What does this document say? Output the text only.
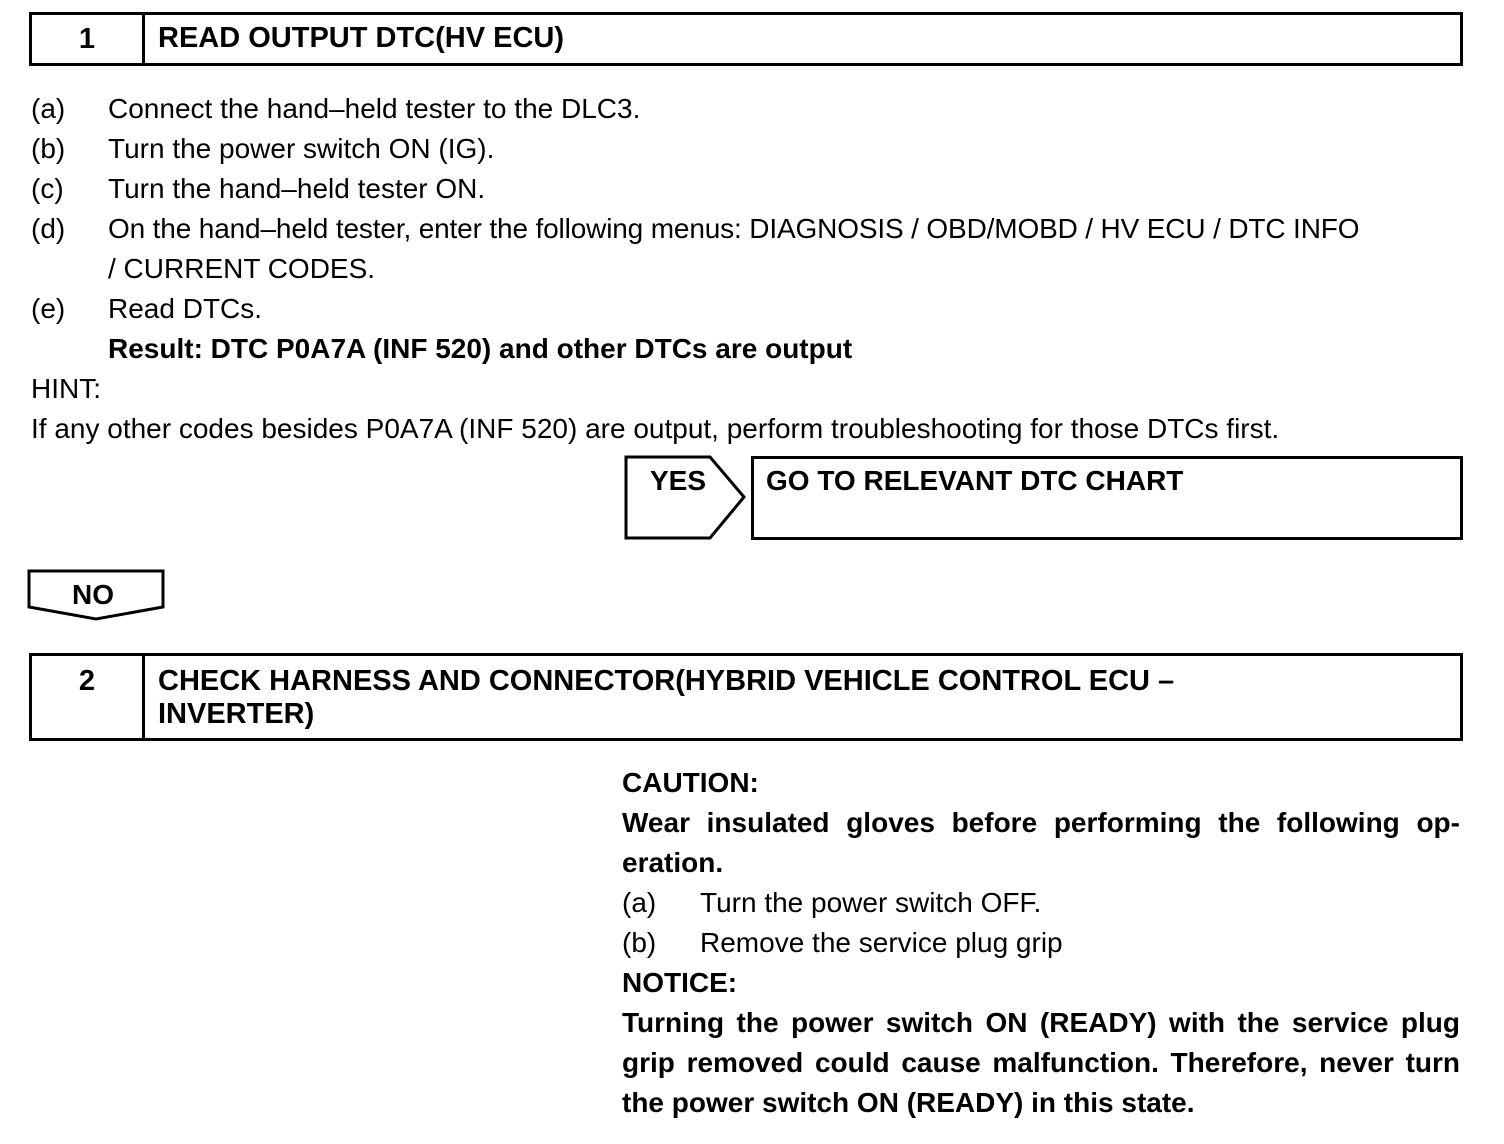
1	READ OUTPUT DTC(HV ECU)
(a) Connect the hand–held tester to the DLC3.
(b) Turn the power switch ON (IG).
(c) Turn the hand–held tester ON.
(d) On the hand–held tester, enter the following menus: DIAGNOSIS / OBD/MOBD / HV ECU / DTC INFO
/ CURRENT CODES.
(e) Read DTCs.
Result: DTC P0A7A (INF 520) and other DTCs are output
HINT:
If any other codes besides P0A7A (INF 520) are output, perform troubleshooting for those DTCs first.
YES GO TO RELEVANT DTC CHART
NO
2	CHECK HARNESS AND CONNECTOR(HYBRID VEHICLE CONTROL ECU –
INVERTER)
CAUTION:
Wear insulated gloves before performing the following op- eration.
(a) Turn the power switch OFF.
(b) Remove the service plug grip
NOTICE:
Turning the power switch ON (READY) with the service plug grip removed could cause malfunction. Therefore, never turn the power switch ON (READY) in this state.
